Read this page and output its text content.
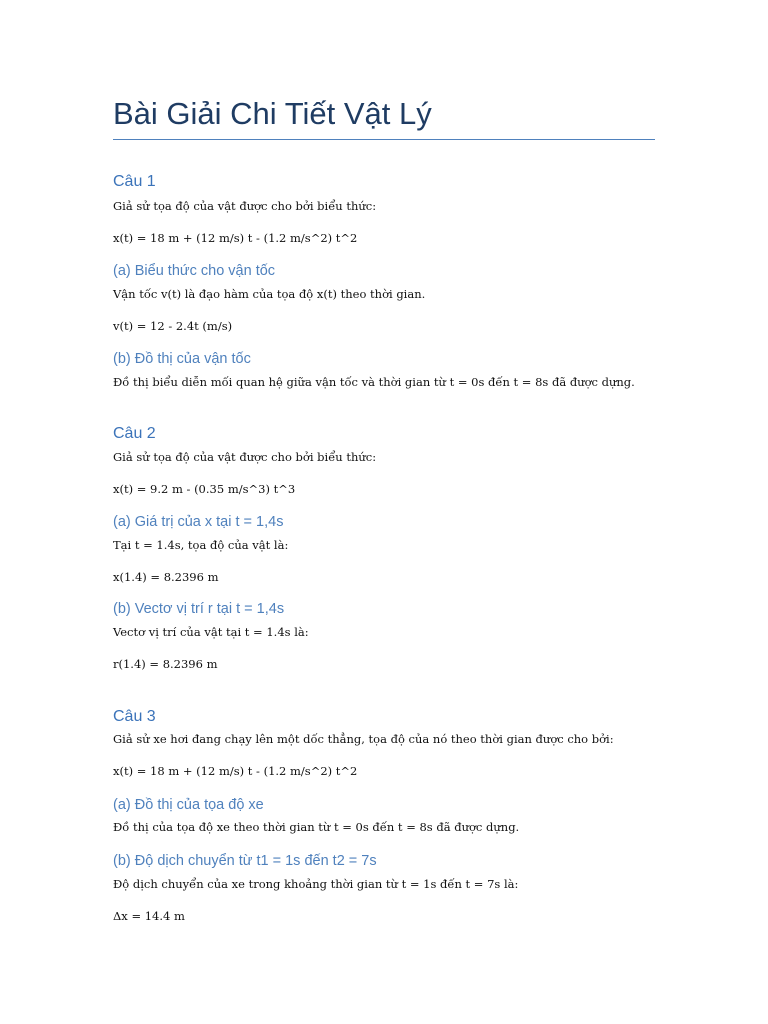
Bài Giải Chi Tiết Vật Lý
Câu 1
Giả sử tọa độ của vật được cho bởi biểu thức:
x(t) = 18 m + (12 m/s) t - (1.2 m/s^2) t^2
(a) Biểu thức cho vận tốc
Vận tốc v(t) là đạo hàm của tọa độ x(t) theo thời gian.
v(t) = 12 - 2.4t (m/s)
(b) Đồ thị của vận tốc
Đồ thị biểu diễn mối quan hệ giữa vận tốc và thời gian từ t = 0s đến t = 8s đã được dựng.
Câu 2
Giả sử tọa độ của vật được cho bởi biểu thức:
x(t) = 9.2 m - (0.35 m/s^3) t^3
(a) Giá trị của x tại t = 1,4s
Tại t = 1.4s, tọa độ của vật là:
x(1.4) = 8.2396 m
(b) Vectơ vị trí r tại t = 1,4s
Vectơ vị trí của vật tại t = 1.4s là:
r(1.4) = 8.2396 m
Câu 3
Giả sử xe hơi đang chạy lên một dốc thẳng, tọa độ của nó theo thời gian được cho bởi:
x(t) = 18 m + (12 m/s) t - (1.2 m/s^2) t^2
(a) Đồ thị của tọa độ xe
Đồ thị của tọa độ xe theo thời gian từ t = 0s đến t = 8s đã được dựng.
(b) Độ dịch chuyển từ t1 = 1s đến t2 = 7s
Độ dịch chuyển của xe trong khoảng thời gian từ t = 1s đến t = 7s là:
Δx = 14.4 m
